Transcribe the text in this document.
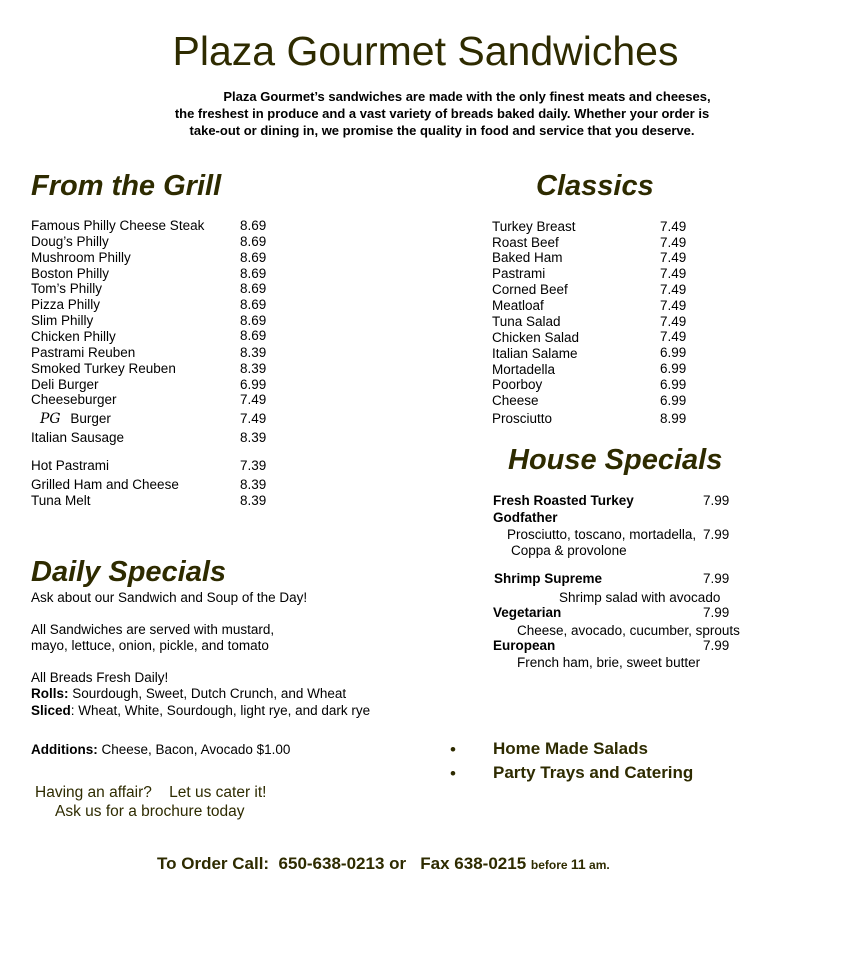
Plaza Gourmet Sandwiches
Plaza Gourmet’s sandwiches are made with the only finest meats and cheeses,
the freshest in produce and a vast variety of breads baked daily. Whether your order is
take-out or dining in, we promise the quality in food and service that you deserve.
From the Grill
Famous Philly Cheese Steak	8.69
Doug’s Philly	8.69
Mushroom Philly	8.69
Boston Philly	8.69
Tom’s Philly	8.69
Pizza Philly	8.69
Slim Philly	8.69
Chicken Philly	8.69
Pastrami Reuben	8.39
Smoked Turkey Reuben	8.39
Deli Burger	6.99
Cheeseburger	7.49
PG Burger	7.49
Italian Sausage	8.39
Hot Pastrami	7.39
Grilled Ham and Cheese	8.39
Tuna Melt	8.39
Classics
Turkey Breast	7.49
Roast Beef	7.49
Baked Ham	7.49
Pastrami	7.49
Corned Beef	7.49
Meatloaf	7.49
Tuna Salad	7.49
Chicken Salad	7.49
Italian Salame	6.99
Mortadella	6.99
Poorboy	6.99
Cheese	6.99
Prosciutto	8.99
House Specials
Fresh Roasted Turkey	7.99
Godfather
Prosciutto, toscano, mortadella, 7.99
Coppa & provolone
Shrimp Supreme	7.99
Shrimp salad with avocado
Vegetarian	7.99
Cheese, avocado, cucumber, sprouts
European	7.99
French ham, brie, sweet butter
Daily Specials
Ask about our Sandwich and Soup of the Day!
All Sandwiches are served with mustard,
mayo, lettuce, onion, pickle, and tomato
All Breads Fresh Daily!
Rolls: Sourdough, Sweet, Dutch Crunch, and Wheat
Sliced: Wheat, White, Sourdough, light rye, and dark rye
Additions: Cheese, Bacon, Avocado $1.00
Having an affair?    Let us cater it!
Ask us for a brochure today
• Home Made Salads
• Party Trays and Catering
To Order Call:  650-638-0213 or   Fax 638-0215 before 11 am.
